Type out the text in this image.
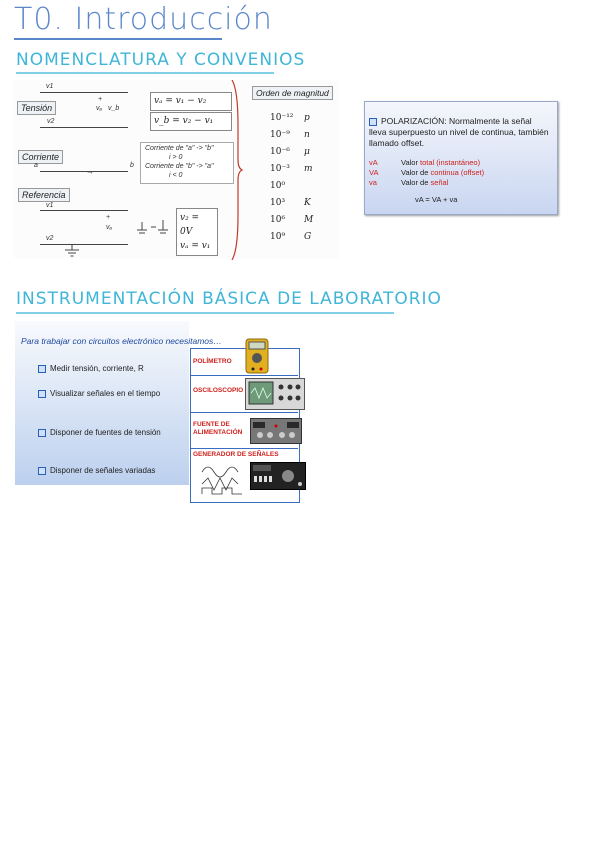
T0. Introducción
NOMENCLATURA Y CONVENIOS
v1
Tensión
+
vₐ v_b
v2
vₐ = v₁ − v₂
v_b = v₂ − v₁
Corriente
a
→
b
Corriente de "a" -> "b"
i > 0
Corriente de "b" -> "a"
i < 0
Referencia
v1
+
vₐ
v2
v₂ = 0V
vₐ = v₁
Orden de magnitud
10⁻¹² p
10⁻⁹ n
10⁻⁶ μ
10⁻³ m
10⁰
10³ K
10⁶ M
10⁹ G
POLARIZACIÓN: Normalmente la señal lleva superpuesto un nivel de continua, también llamado offset.
vA	Valor total (instantáneo)
VA	Valor de continua (offset)
va	Valor de señal
vA = VA + va
INSTRUMENTACIÓN BÁSICA DE LABORATORIO
Para trabajar con circuitos electrónico necesitamos…
Medir tensión, corriente, R
Visualizar señales en el tiempo
Disponer de fuentes de tensión
Disponer de señales variadas
POLÍMETRO
OSCILOSCOPIO
FUENTE DE ALIMENTACIÓN
GENERADOR DE SEÑALES
